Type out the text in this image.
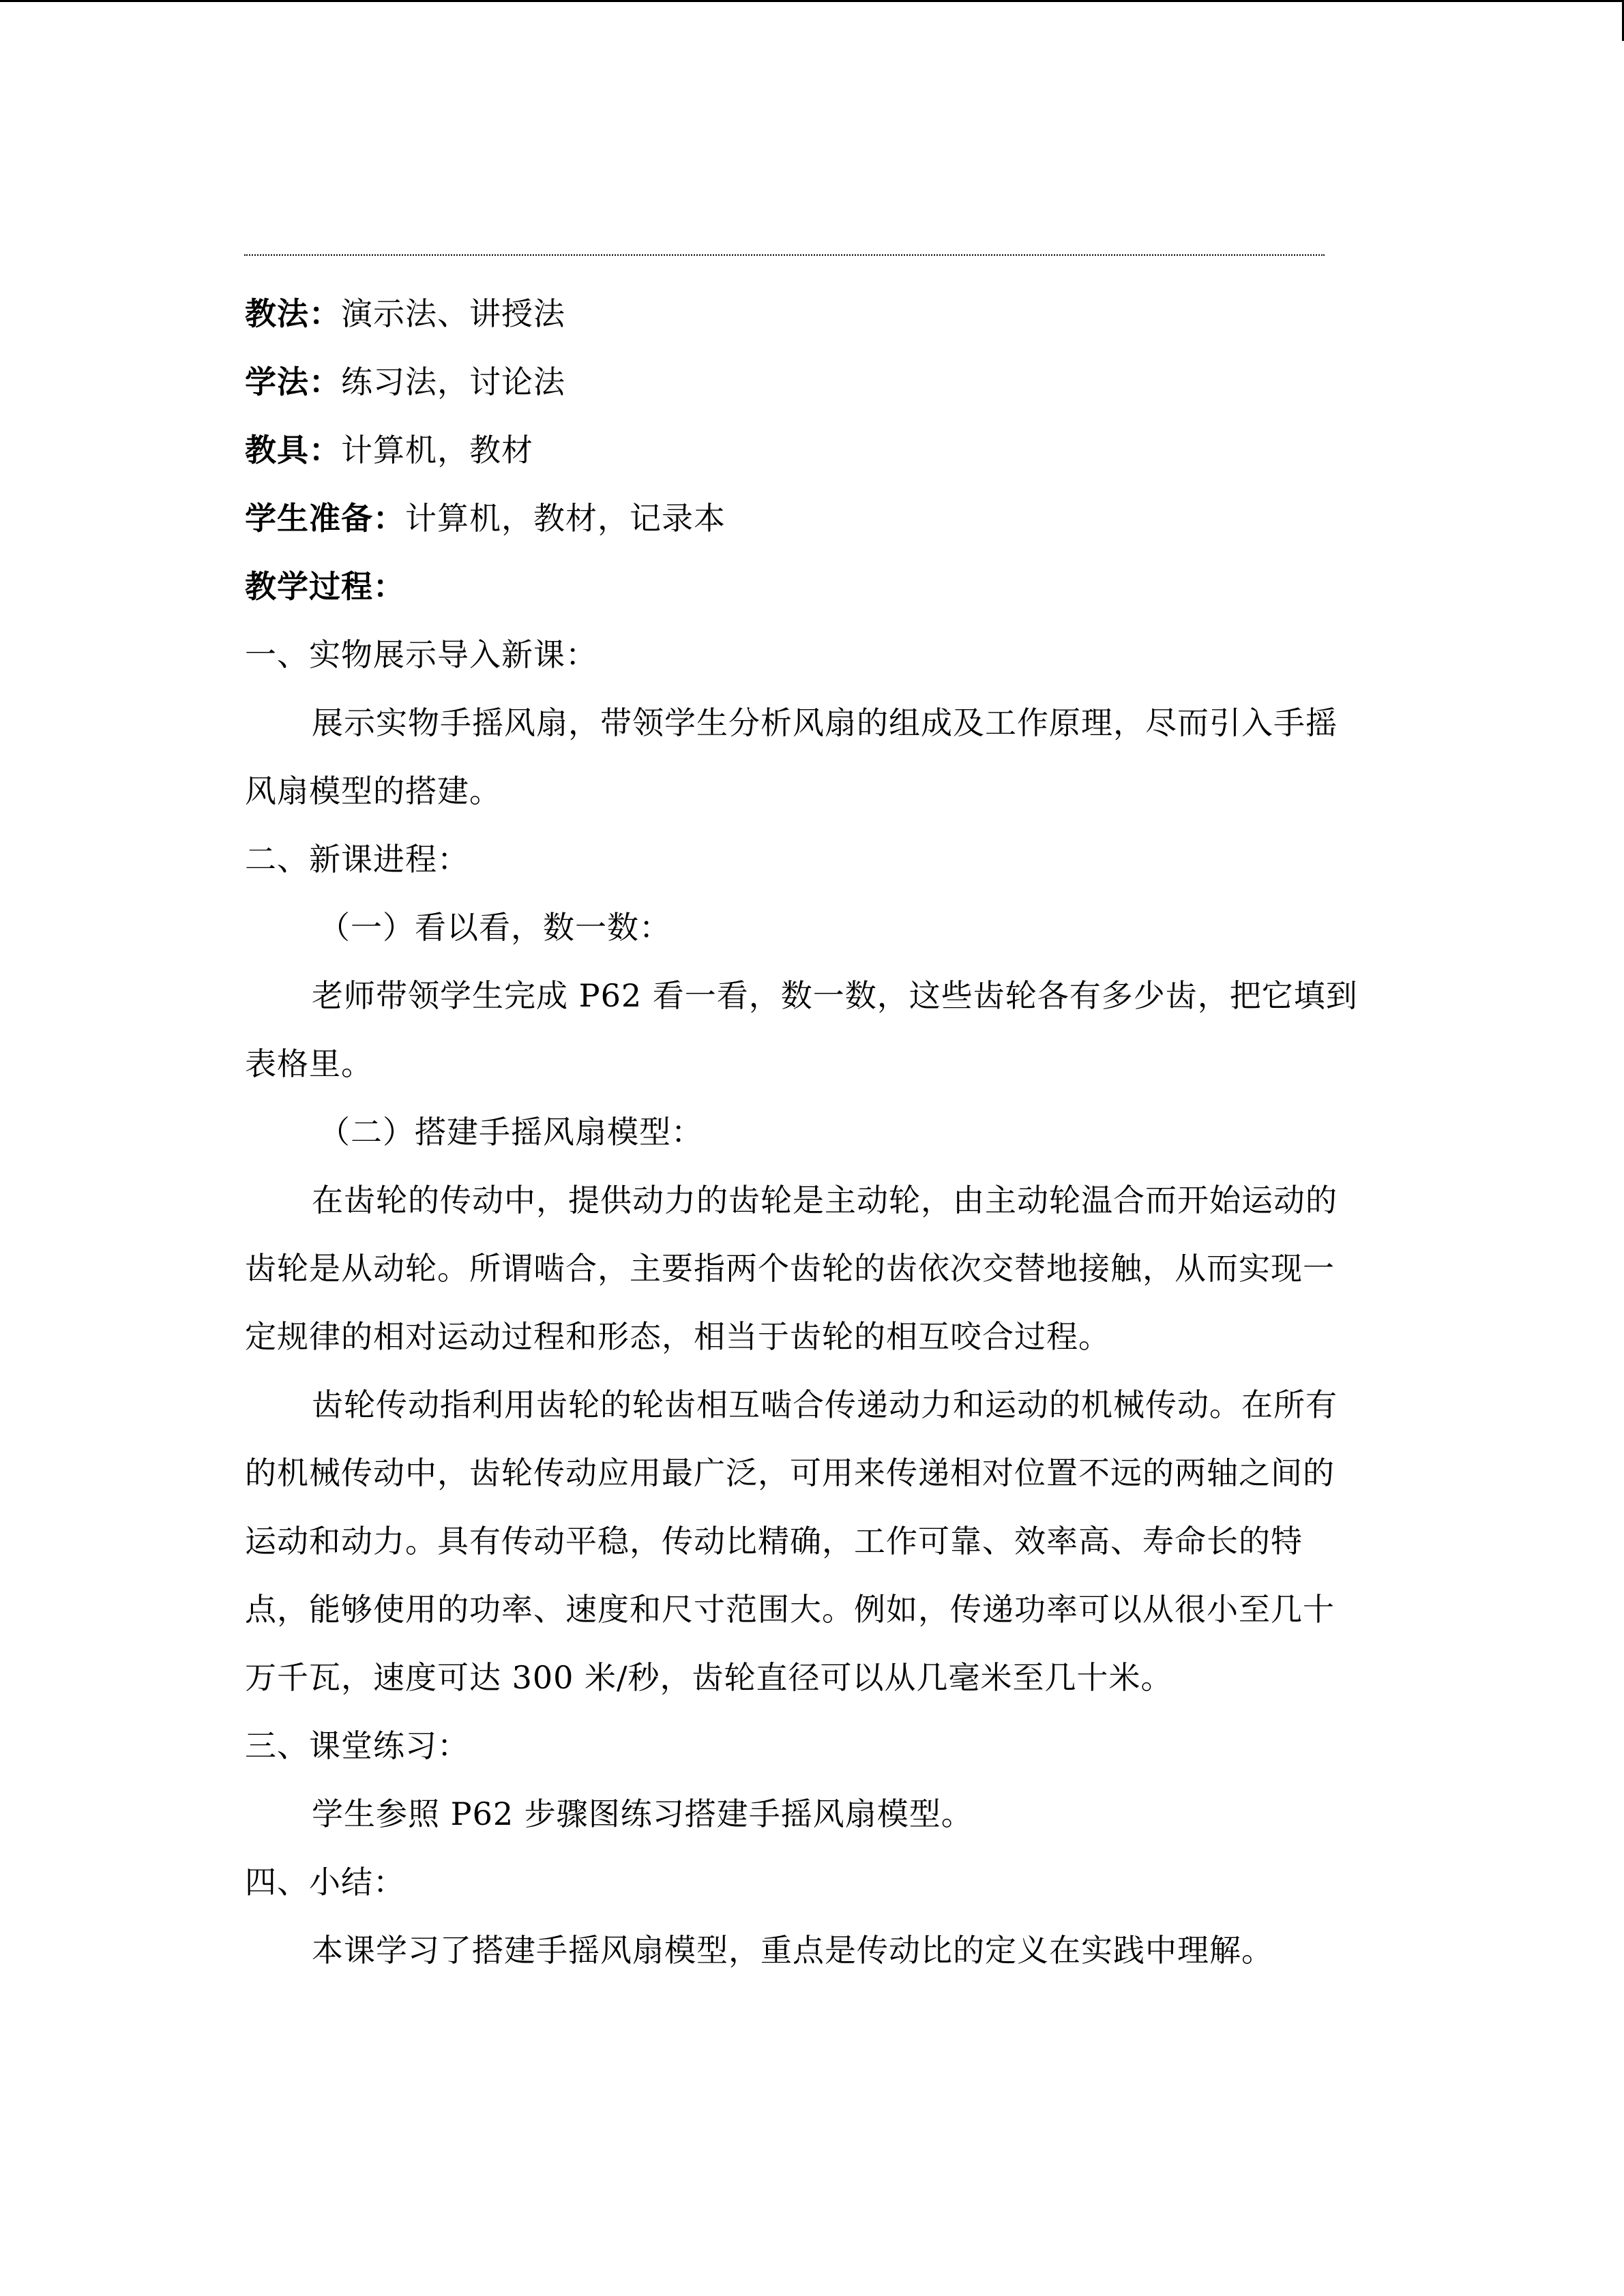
教法：演示法、讲授法
学法：练习法，讨论法
教具：计算机，教材
学生准备：计算机，教材，记录本
教学过程：
一、实物展示导入新课：
展示实物手摇风扇，带领学生分析风扇的组成及工作原理，尽而引入手摇
风扇模型的搭建。
二、新课进程：
（一）看以看，数一数：
老师带领学生完成 P62 看一看，数一数，这些齿轮各有多少齿，把它填到
表格里。
（二）搭建手摇风扇模型：
在齿轮的传动中，提供动力的齿轮是主动轮，由主动轮温合而开始运动的
齿轮是从动轮。所谓啮合，主要指两个齿轮的齿依次交替地接触，从而实现一
定规律的相对运动过程和形态，相当于齿轮的相互咬合过程。
齿轮传动指利用齿轮的轮齿相互啮合传递动力和运动的机械传动。在所有
的机械传动中，齿轮传动应用最广泛，可用来传递相对位置不远的两轴之间的
运动和动力。具有传动平稳，传动比精确，工作可靠、效率高、寿命长的特
点，能够使用的功率、速度和尺寸范围大。例如，传递功率可以从很小至几十
万千瓦，速度可达 300 米/秒，齿轮直径可以从几毫米至几十米。
三、课堂练习：
学生参照 P62 步骤图练习搭建手摇风扇模型。
四、小结：
本课学习了搭建手摇风扇模型，重点是传动比的定义在实践中理解。
